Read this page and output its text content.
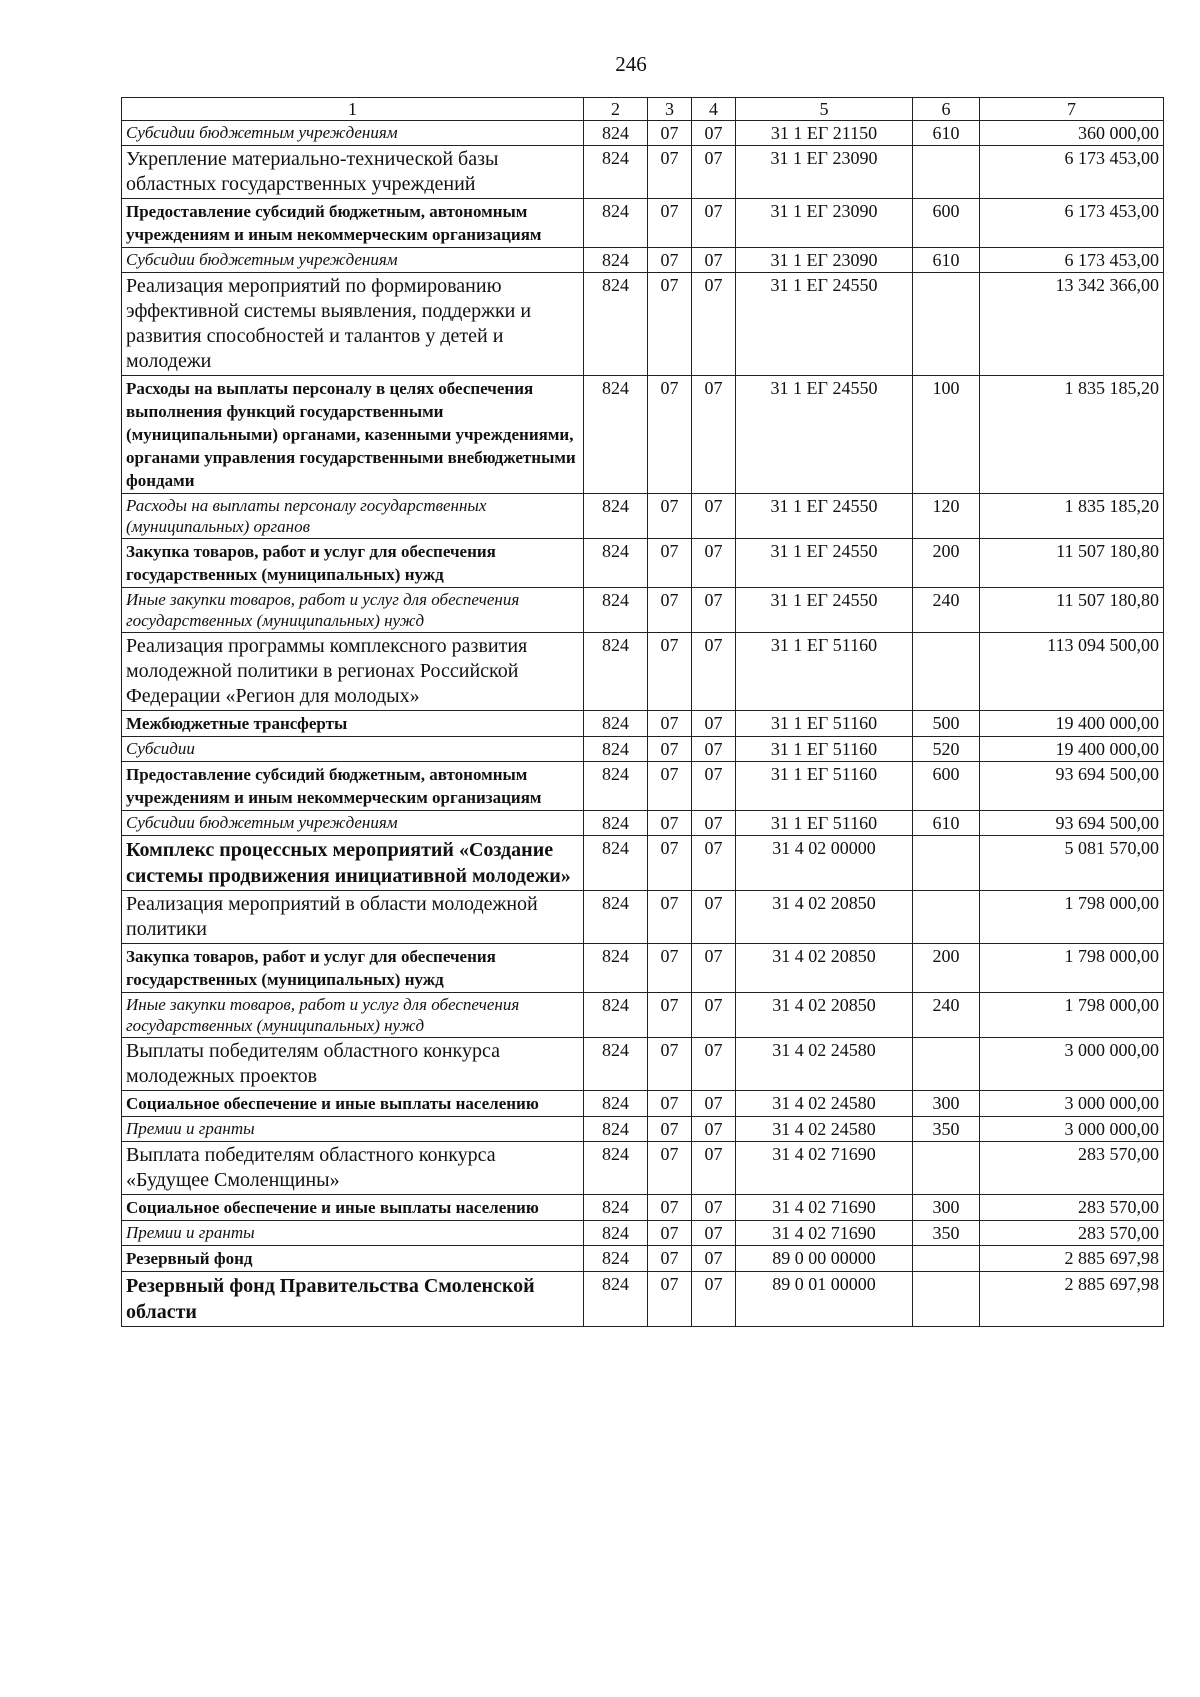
246
1	2	3	4	5	6	7
Субсидии бюджетным учреждениям	824	07	07	31 1 ЕГ 21150	610	360 000,00
Укрепление материально-технической базы областных государственных учреждений	824	07	07	31 1 ЕГ 23090		6 173 453,00
Предоставление субсидий бюджетным, автономным учреждениям и иным некоммерческим организациям	824	07	07	31 1 ЕГ 23090	600	6 173 453,00
Субсидии бюджетным учреждениям	824	07	07	31 1 ЕГ 23090	610	6 173 453,00
Реализация мероприятий по формированию эффективной системы выявления, поддержки и развития способностей и талантов у детей и молодежи	824	07	07	31 1 ЕГ 24550		13 342 366,00
Расходы на выплаты персоналу в целях обеспечения выполнения функций государственными (муниципальными) органами, казенными учреждениями, органами управления государственными внебюджетными фондами	824	07	07	31 1 ЕГ 24550	100	1 835 185,20
Расходы на выплаты персоналу государственных (муниципальных) органов	824	07	07	31 1 ЕГ 24550	120	1 835 185,20
Закупка товаров, работ и услуг для обеспечения государственных (муниципальных) нужд	824	07	07	31 1 ЕГ 24550	200	11 507 180,80
Иные закупки товаров, работ и услуг для обеспечения государственных (муниципальных) нужд	824	07	07	31 1 ЕГ 24550	240	11 507 180,80
Реализация программы комплексного развития молодежной политики в регионах Российской Федерации «Регион для молодых»	824	07	07	31 1 ЕГ 51160		113 094 500,00
Межбюджетные трансферты	824	07	07	31 1 ЕГ 51160	500	19 400 000,00
Субсидии	824	07	07	31 1 ЕГ 51160	520	19 400 000,00
Предоставление субсидий бюджетным, автономным учреждениям и иным некоммерческим организациям	824	07	07	31 1 ЕГ 51160	600	93 694 500,00
Субсидии бюджетным учреждениям	824	07	07	31 1 ЕГ 51160	610	93 694 500,00
Комплекс процессных мероприятий «Создание системы продвижения инициативной молодежи»	824	07	07	31 4 02 00000		5 081 570,00
Реализация мероприятий в области молодежной политики	824	07	07	31 4 02 20850		1 798 000,00
Закупка товаров, работ и услуг для обеспечения государственных (муниципальных) нужд	824	07	07	31 4 02 20850	200	1 798 000,00
Иные закупки товаров, работ и услуг для обеспечения государственных (муниципальных) нужд	824	07	07	31 4 02 20850	240	1 798 000,00
Выплаты победителям областного конкурса молодежных проектов	824	07	07	31 4 02 24580		3 000 000,00
Социальное обеспечение и иные выплаты населению	824	07	07	31 4 02 24580	300	3 000 000,00
Премии и гранты	824	07	07	31 4 02 24580	350	3 000 000,00
Выплата победителям областного конкурса «Будущее Смоленщины»	824	07	07	31 4 02 71690		283 570,00
Социальное обеспечение и иные выплаты населению	824	07	07	31 4 02 71690	300	283 570,00
Премии и гранты	824	07	07	31 4 02 71690	350	283 570,00
Резервный фонд	824	07	07	89 0 00 00000		2 885 697,98
Резервный фонд Правительства Смоленской области	824	07	07	89 0 01 00000		2 885 697,98
